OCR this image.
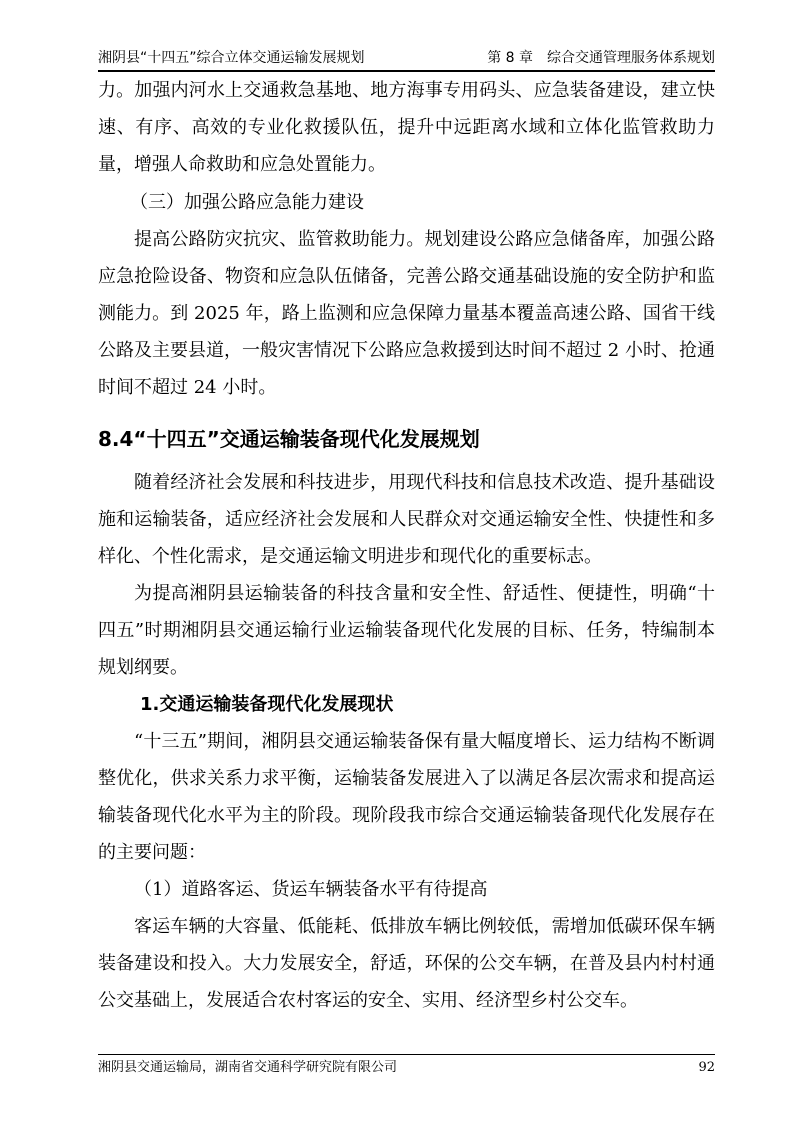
湘阴县“十四五”综合立体交通运输发展规划	第 8 章　综合交通管理服务体系规划

力。加强内河水上交通救急基地、地方海事专用码头、应急装备建设，建立快速、有序、高效的专业化救援队伍，提升中远距离水域和立体化监管救助力量，增强人命救助和应急处置能力。

（三）加强公路应急能力建设

提高公路防灾抗灾、监管救助能力。规划建设公路应急储备库，加强公路应急抢险设备、物资和应急队伍储备，完善公路交通基础设施的安全防护和监测能力。到 2025 年，路上监测和应急保障力量基本覆盖高速公路、国省干线公路及主要县道，一般灾害情况下公路应急救援到达时间不超过 2 小时、抢通时间不超过 24 小时。

8.4“十四五”交通运输装备现代化发展规划

随着经济社会发展和科技进步，用现代科技和信息技术改造、提升基础设施和运输装备，适应经济社会发展和人民群众对交通运输安全性、快捷性和多样化、个性化需求，是交通运输文明进步和现代化的重要标志。

为提高湘阴县运输装备的科技含量和安全性、舒适性、便捷性，明确“十四五”时期湘阴县交通运输行业运输装备现代化发展的目标、任务，特编制本规划纲要。

1.交通运输装备现代化发展现状

“十三五”期间，湘阴县交通运输装备保有量大幅度增长、运力结构不断调整优化，供求关系力求平衡，运输装备发展进入了以满足各层次需求和提高运输装备现代化水平为主的阶段。现阶段我市综合交通运输装备现代化发展存在的主要问题：

（1）道路客运、货运车辆装备水平有待提高

客运车辆的大容量、低能耗、低排放车辆比例较低，需增加低碳环保车辆装备建设和投入。大力发展安全，舒适，环保的公交车辆，在普及县内村村通公交基础上，发展适合农村客运的安全、实用、经济型乡村公交车。

湘阴县交通运输局，湖南省交通科学研究院有限公司	92
